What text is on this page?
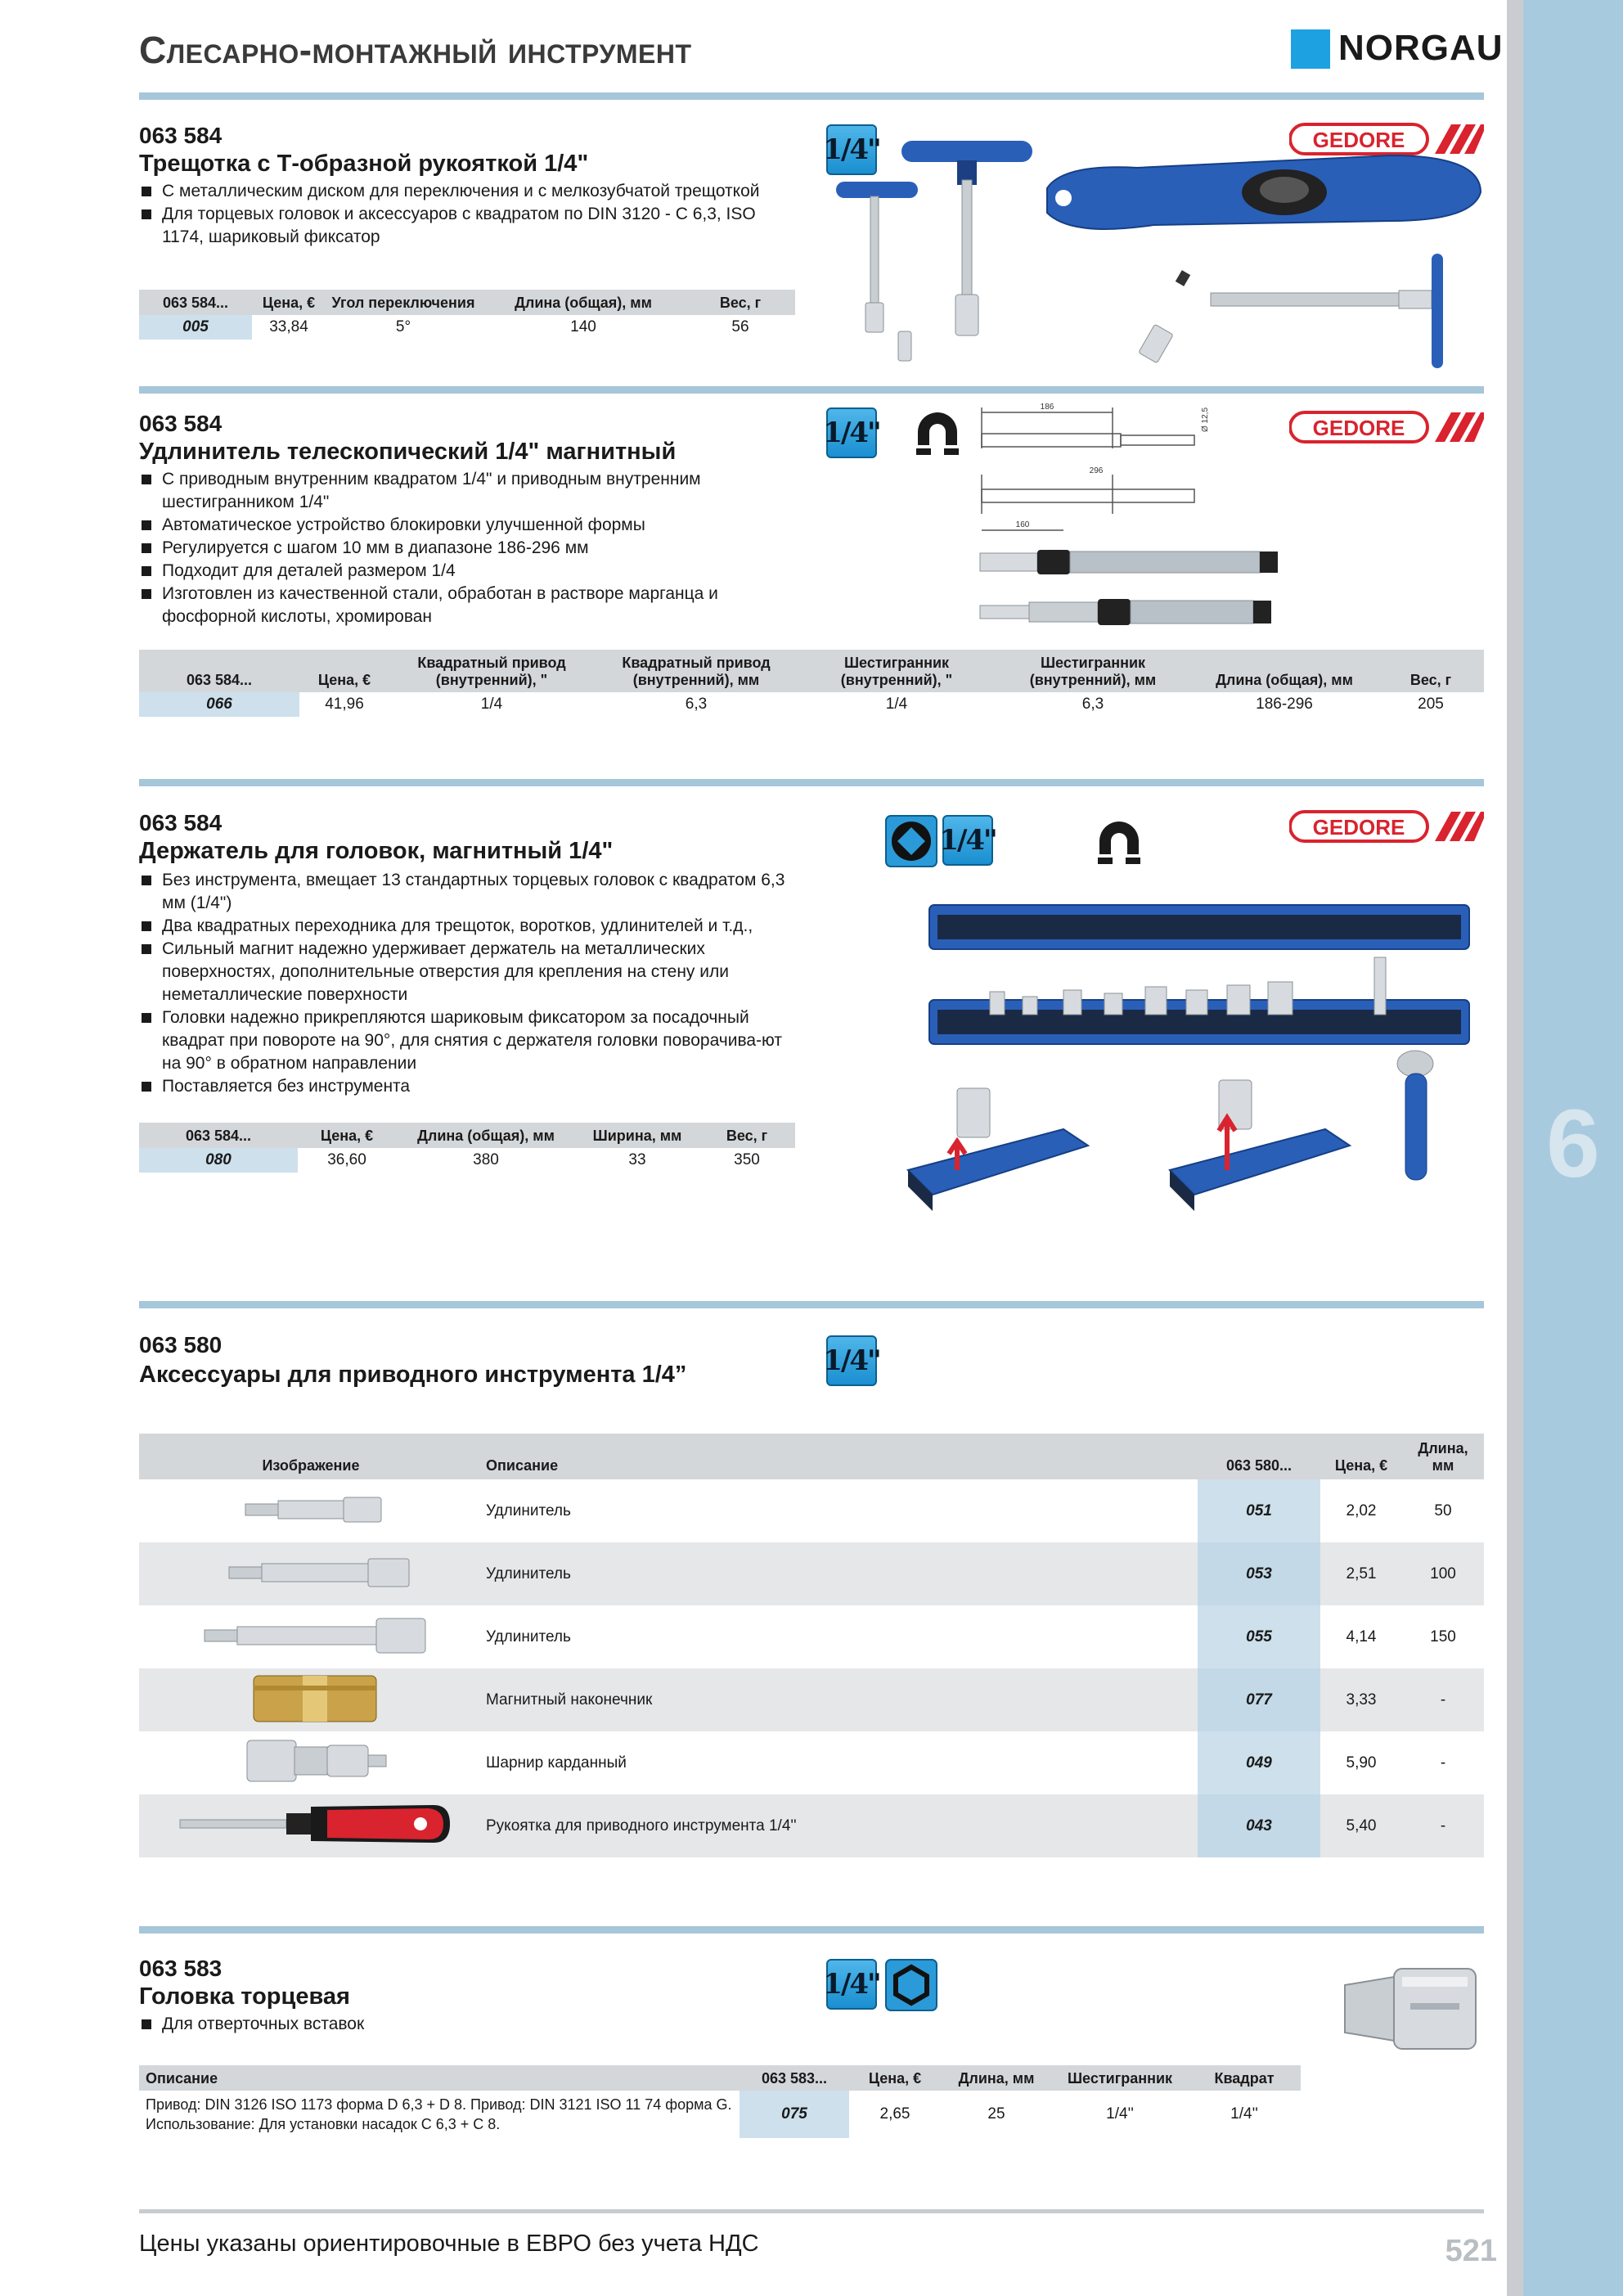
6
Слесарно-монтажный инструмент	NORGAU
063 584
Трещотка с Т-образной рукояткой 1/4"
С металлическим диском для переключения и с мелкозубчатой трещоткой
Для торцевых головок и аксессуаров с квадратом по DIN 3120 - С 6,3, ISO 1174, шариковый фиксатор
063 584...	Цена, €	Угол переключения	Длина (общая), мм	Вес, г
005	33,84	5°	140	56
1/4"	GEDORE
063 584
Удлинитель телескопический 1/4" магнитный
С приводным внутренним квадратом 1/4" и приводным внутренним шестигранником 1/4"
Автоматическое устройство блокировки улучшенной формы
Регулируется с шагом 10 мм в диапазоне 186-296 мм
Подходит для деталей размером 1/4
Изготовлен из качественной стали, обработан в растворе марганца и фосфорной кислоты, хромирован
063 584...	Цена, €	Квадратный привод (внутренний), "	Квадратный привод (внутренний), мм	Шестигранник (внутренний), "	Шестигранник (внутренний), мм	Длина (общая), мм	Вес, г
066	41,96	1/4	6,3	1/4	6,3	186-296	205
1/4"	GEDORE
186
296
160
Ø 12,5
063 584
Держатель для головок, магнитный 1/4"
Без инструмента, вмещает 13 стандартных торцевых головок с квадратом 6,3 мм (1/4")
Два квадратных переходника для трещоток, воротков, удлинителей и т.д.,
Сильный магнит надежно удерживает держатель на металлических поверхностях, дополнительные отверстия для крепления на стену или неметаллические поверхности
Головки надежно прикрепляются шариковым фиксатором за посадочный квадрат при повороте на 90°, для снятия с держателя головки поворачива-ют на 90° в обратном направлении
Поставляется без инструмента
063 584...	Цена, €	Длина (общая), мм	Ширина, мм	Вес, г
080	36,60	380	33	350
1/4"	GEDORE
063 580
Аксессуары для приводного инструмента 1/4”	1/4"
Изображение	Описание	063 580...	Цена, €	Длина, мм
	Удлинитель	051	2,02	50
	Удлинитель	053	2,51	100
	Удлинитель	055	4,14	150
	Магнитный наконечник	077	3,33	-
	Шарнир карданный	049	5,90	-
	Рукоятка для приводного инструмента 1/4''	043	5,40	-
063 583
Головка торцевая
Для отверточных вставок
1/4"
Описание	063 583...	Цена, €	Длина, мм	Шестигранник	Квадрат

Привод: DIN 3126 ISO 1173 форма D 6,3 + D 8. Привод: DIN 3121 ISO 11 74 форма G.
Использование: Для установки насадок С 6,3 + С 8.	075	2,65	25	1/4''	1/4''
Цены указаны ориентировочные в ЕВРО без учета НДС	521
